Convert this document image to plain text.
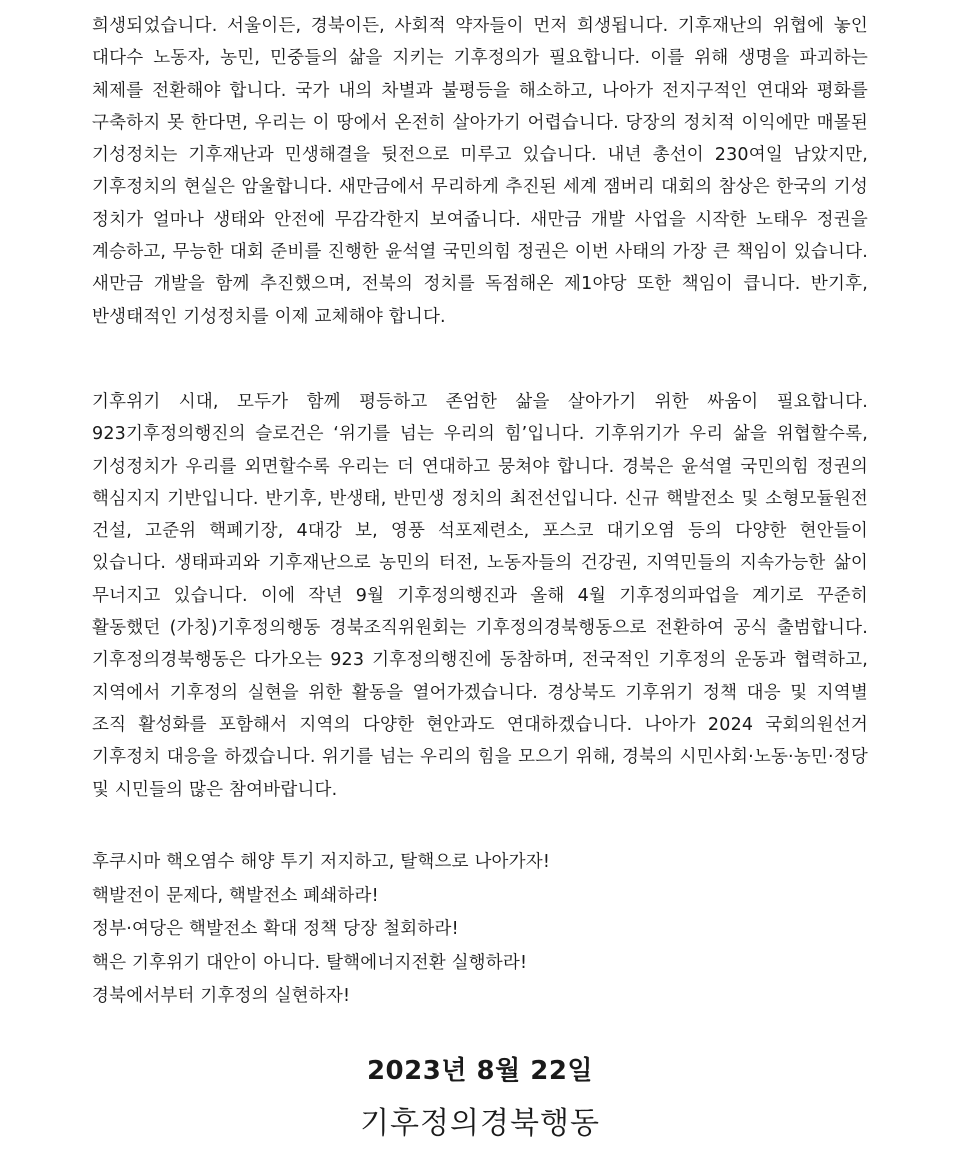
희생되었습니다. 서울이든, 경북이든, 사회적 약자들이 먼저 희생됩니다. 기후재난의 위협에 놓인 대다수 노동자, 농민, 민중들의 삶을 지키는 기후정의가 필요합니다. 이를 위해 생명을 파괴하는 체제를 전환해야 합니다. 국가 내의 차별과 불평등을 해소하고, 나아가 전지구적인 연대와 평화를 구축하지 못 한다면, 우리는 이 땅에서 온전히 살아가기 어렵습니다. 당장의 정치적 이익에만 매몰된 기성정치는 기후재난과 민생해결을 뒷전으로 미루고 있습니다. 내년 총선이 230여일 남았지만, 기후정치의 현실은 암울합니다. 새만금에서 무리하게 추진된 세계 잼버리 대회의 참상은 한국의 기성 정치가 얼마나 생태와 안전에 무감각한지 보여줍니다. 새만금 개발 사업을 시작한 노태우 정권을 계승하고, 무능한 대회 준비를 진행한 윤석열 국민의힘 정권은 이번 사태의 가장 큰 책임이 있습니다. 새만금 개발을 함께 추진했으며, 전북의 정치를 독점해온 제1야당 또한 책임이 큽니다. 반기후, 반생태적인 기성정치를 이제 교체해야 합니다.

기후위기 시대, 모두가 함께 평등하고 존엄한 삶을 살아가기 위한 싸움이 필요합니다. 923기후정의행진의 슬로건은 ‘위기를 넘는 우리의 힘’입니다. 기후위기가 우리 삶을 위협할수록, 기성정치가 우리를 외면할수록 우리는 더 연대하고 뭉쳐야 합니다. 경북은 윤석열 국민의힘 정권의 핵심지지 기반입니다. 반기후, 반생태, 반민생 정치의 최전선입니다. 신규 핵발전소 및 소형모듈원전 건설, 고준위 핵폐기장, 4대강 보, 영풍 석포제련소, 포스코 대기오염 등의 다양한 현안들이 있습니다. 생태파괴와 기후재난으로 농민의 터전, 노동자들의 건강권, 지역민들의 지속가능한 삶이 무너지고 있습니다. 이에 작년 9월 기후정의행진과 올해 4월 기후정의파업을 계기로 꾸준히 활동했던 (가칭)기후정의행동 경북조직위원회는 기후정의경북행동으로 전환하여 공식 출범합니다. 기후정의경북행동은 다가오는 923 기후정의행진에 동참하며, 전국적인 기후정의 운동과 협력하고, 지역에서 기후정의 실현을 위한 활동을 열어가겠습니다. 경상북도 기후위기 정책 대응 및 지역별 조직 활성화를 포함해서 지역의 다양한 현안과도 연대하겠습니다. 나아가 2024 국회의원선거 기후정치 대응을 하겠습니다. 위기를 넘는 우리의 힘을 모으기 위해, 경북의 시민사회·노동·농민·정당 및 시민들의 많은 참여바랍니다.

후쿠시마 핵오염수 해양 투기 저지하고, 탈핵으로 나아가자!
핵발전이 문제다, 핵발전소 폐쇄하라!
정부·여당은 핵발전소 확대 정책 당장 철회하라!
핵은 기후위기 대안이 아니다. 탈핵에너지전환 실행하라!
경북에서부터 기후정의 실현하자!
2023년 8월 22일
기후정의경북행동
